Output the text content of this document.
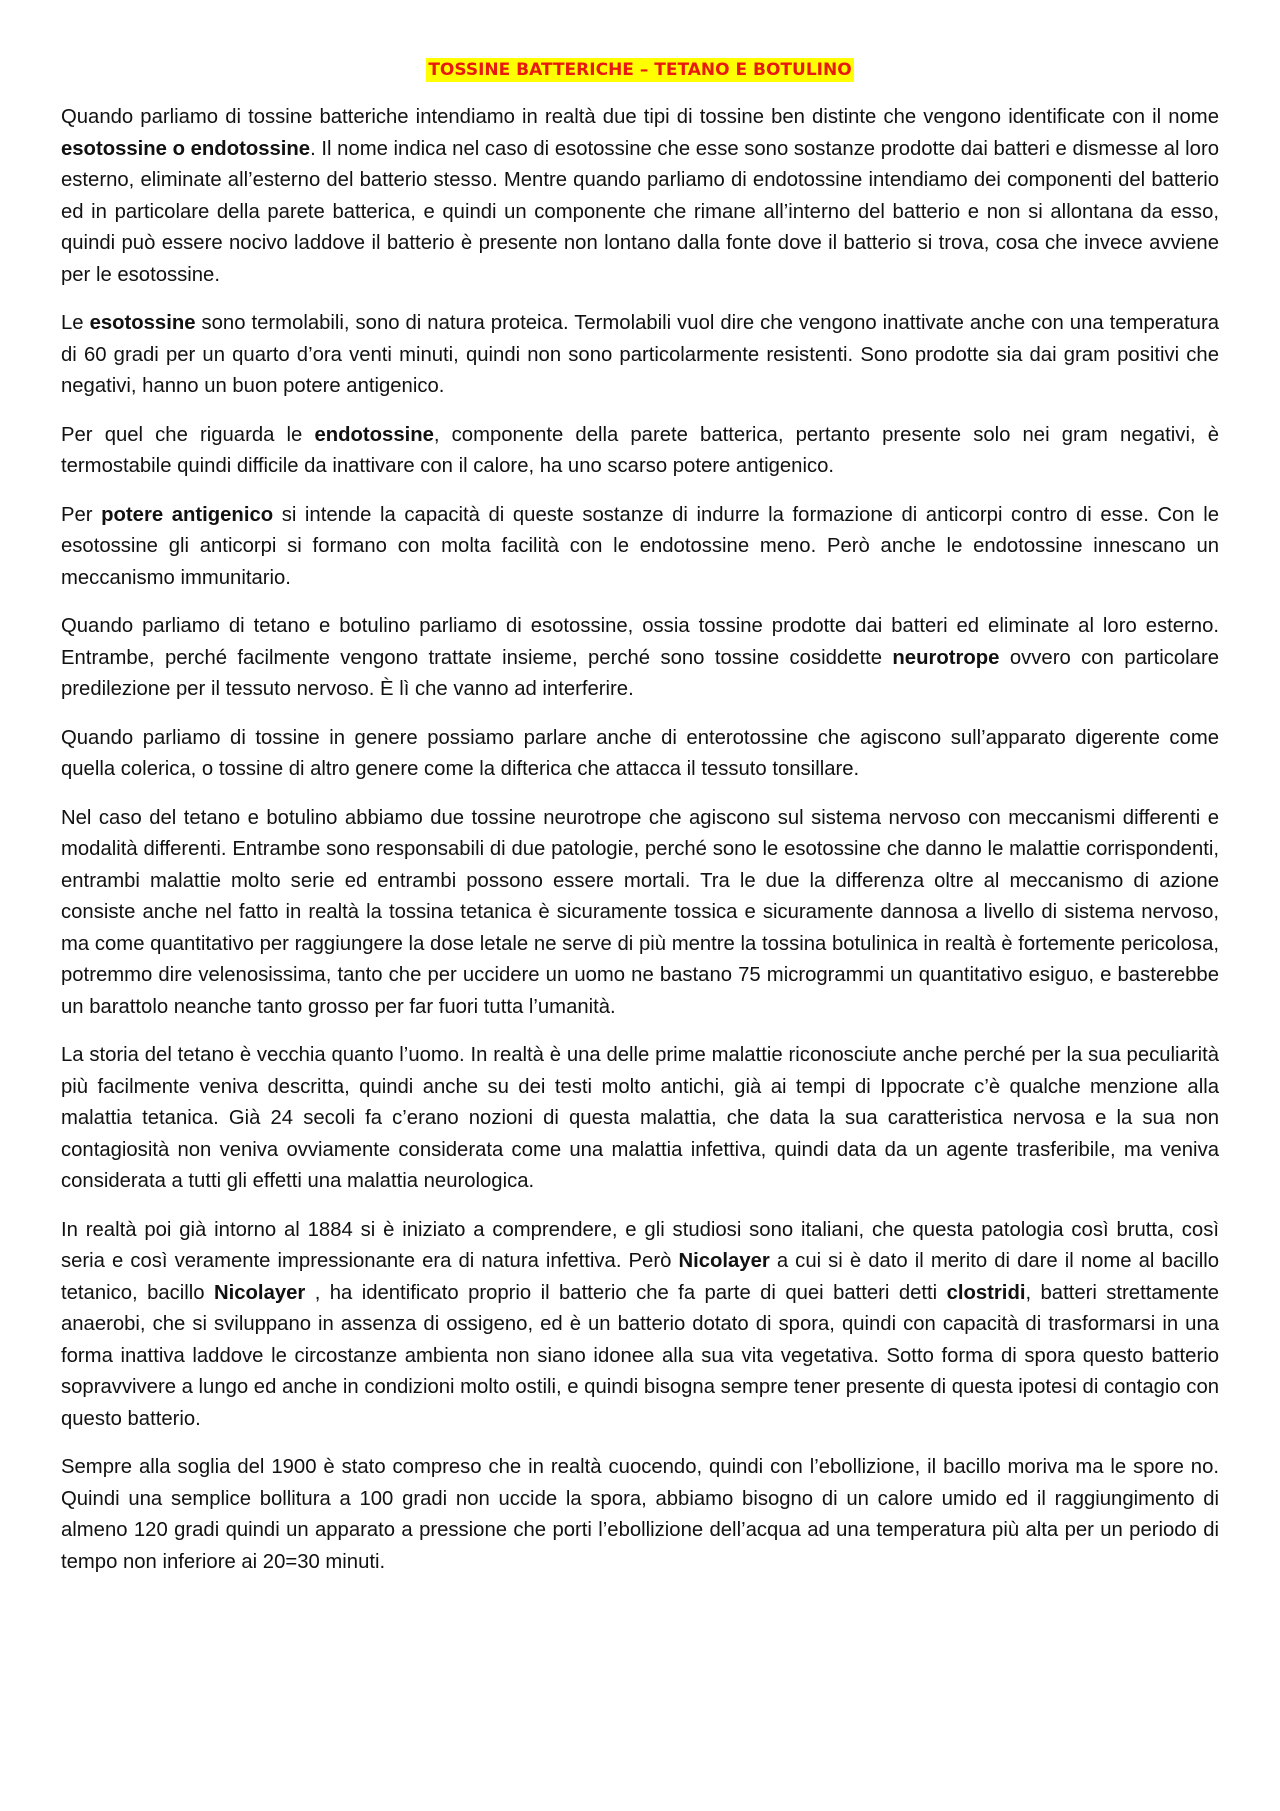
TOSSINE BATTERICHE – TETANO E BOTULINO

Quando parliamo di tossine batteriche intendiamo in realtà due tipi di tossine ben distinte che vengono identificate con il nome esotossine o endotossine. Il nome indica nel caso di esotossine che esse sono sostanze prodotte dai batteri e dismesse al loro esterno, eliminate all’esterno del batterio stesso. Mentre quando parliamo di endotossine intendiamo dei componenti del batterio ed in particolare della parete batterica, e quindi un componente che rimane all’interno del batterio e non si allontana da esso, quindi può essere nocivo laddove il batterio è presente non lontano dalla fonte dove il batterio si trova, cosa che invece avviene per le esotossine.

Le esotossine sono termolabili, sono di natura proteica. Termolabili vuol dire che vengono inattivate anche con una temperatura di 60 gradi per un quarto d’ora venti minuti, quindi non sono particolarmente resistenti. Sono prodotte sia dai gram positivi che negativi, hanno un buon potere antigenico.

Per quel che riguarda le endotossine, componente della parete batterica, pertanto presente solo nei gram negativi, è termostabile quindi difficile da inattivare con il calore, ha uno scarso potere antigenico.

Per potere antigenico si intende la capacità di queste sostanze di indurre la formazione di anticorpi contro di esse. Con le esotossine gli anticorpi si formano con molta facilità con le endotossine meno. Però anche le endotossine innescano un meccanismo immunitario.

Quando parliamo di tetano e botulino parliamo di esotossine, ossia tossine prodotte dai batteri ed eliminate al loro esterno. Entrambe, perché facilmente vengono trattate insieme, perché sono tossine cosiddette neurotrope ovvero con particolare predilezione per il tessuto nervoso. È lì che vanno ad interferire.

Quando parliamo di tossine in genere possiamo parlare anche di enterotossine che agiscono sull’apparato digerente come quella colerica, o tossine di altro genere come la difterica che attacca il tessuto tonsillare.

Nel caso del tetano e botulino abbiamo due tossine neurotrope che agiscono sul sistema nervoso con meccanismi differenti e modalità differenti. Entrambe sono responsabili di due patologie, perché sono le esotossine che danno le malattie corrispondenti, entrambi malattie molto serie ed entrambi possono essere mortali. Tra le due la differenza oltre al meccanismo di azione consiste anche nel fatto in realtà la tossina tetanica è sicuramente tossica e sicuramente dannosa a livello di sistema nervoso, ma come quantitativo per raggiungere la dose letale ne serve di più mentre la tossina botulinica in realtà è fortemente pericolosa, potremmo dire velenosissima, tanto che per uccidere un uomo ne bastano 75 microgrammi un quantitativo esiguo, e basterebbe un barattolo neanche tanto grosso per far fuori tutta l’umanità.

La storia del tetano è vecchia quanto l’uomo. In realtà è una delle prime malattie riconosciute anche perché per la sua peculiarità più facilmente veniva descritta, quindi anche su dei testi molto antichi, già ai tempi di Ippocrate c’è qualche menzione alla malattia tetanica. Già 24 secoli fa c’erano nozioni di questa malattia, che data la sua caratteristica nervosa e la sua non contagiosità non veniva ovviamente considerata come una malattia infettiva, quindi data da un agente trasferibile, ma veniva considerata a tutti gli effetti una malattia neurologica.

In realtà poi già intorno al 1884 si è iniziato a comprendere, e gli studiosi sono italiani, che questa patologia così brutta, così seria e così veramente impressionante era di natura infettiva. Però Nicolayer a cui si è dato il merito di dare il nome al bacillo tetanico, bacillo Nicolayer , ha identificato proprio il batterio che fa parte di quei batteri detti clostridi, batteri strettamente anaerobi, che si sviluppano in assenza di ossigeno, ed è un batterio dotato di spora, quindi con capacità di trasformarsi in una forma inattiva laddove le circostanze ambienta non siano idonee alla sua vita vegetativa. Sotto forma di spora questo batterio sopravvivere a lungo ed anche in condizioni molto ostili, e quindi bisogna sempre tener presente di questa ipotesi di contagio con questo batterio.

Sempre alla soglia del 1900 è stato compreso che in realtà cuocendo, quindi con l’ebollizione, il bacillo moriva ma le spore no. Quindi una semplice bollitura a 100 gradi non uccide la spora, abbiamo bisogno di un calore umido ed il raggiungimento di almeno 120 gradi quindi un apparato a pressione che porti l’ebollizione dell’acqua ad una temperatura più alta per un periodo di tempo non inferiore ai 20=30 minuti.
